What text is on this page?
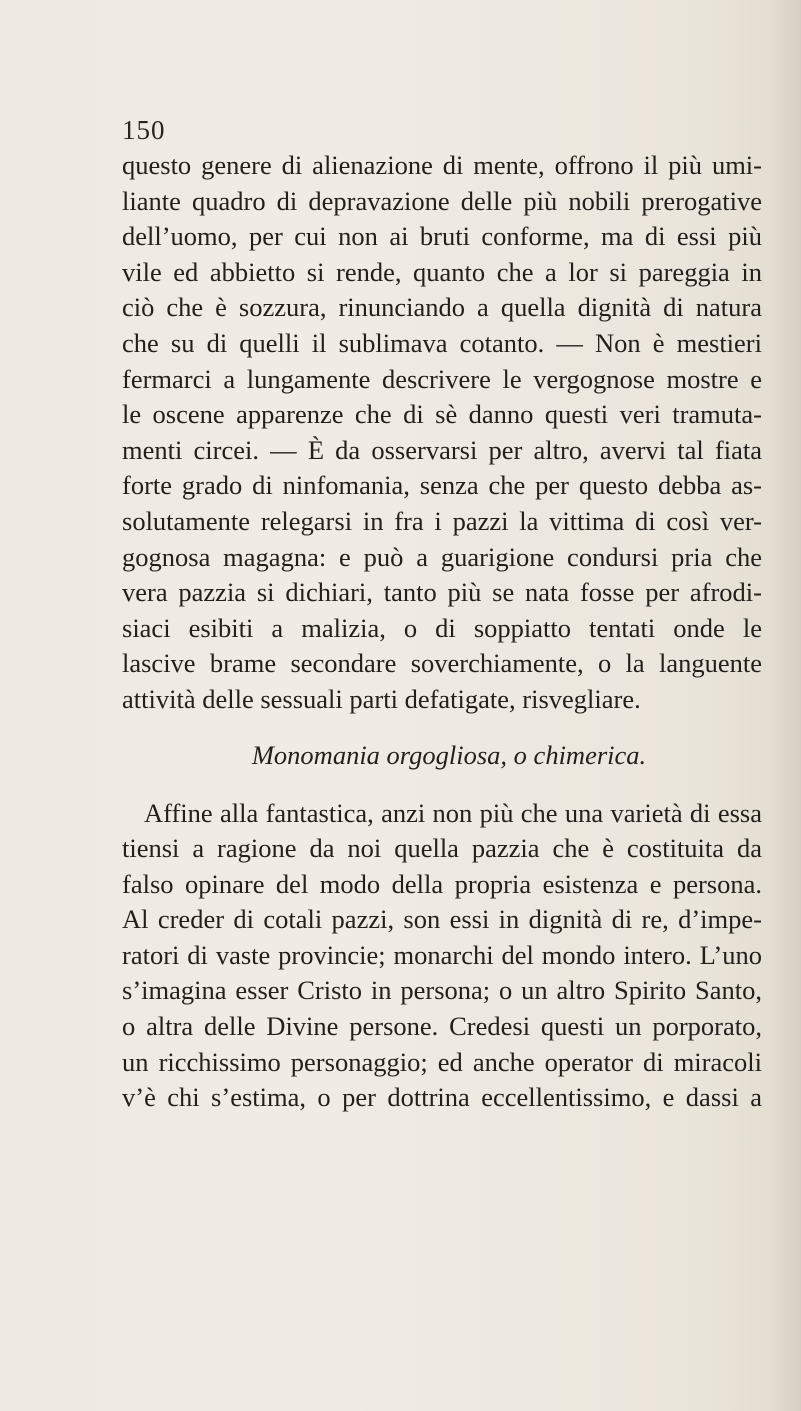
150
questo genere di alienazione di mente, offrono il più umi-
liante quadro di depravazione delle più nobili prerogative
dell’uomo, per cui non ai bruti conforme, ma di essi più
vile ed abbietto si rende, quanto che a lor si pareggia in
ciò che è sozzura, rinunciando a quella dignità di natura
che su di quelli il sublimava cotanto. — Non è mestieri
fermarci a lungamente descrivere le vergognose mostre e
le oscene apparenze che di sè danno questi veri tramuta-
menti circei. — È da osservarsi per altro, avervi tal fiata
forte grado di ninfomania, senza che per questo debba as-
solutamente relegarsi in fra i pazzi la vittima di così ver-
gognosa magagna: e può a guarigione condursi pria che
vera pazzia si dichiari, tanto più se nata fosse per afrodi-
siaci esibiti a malizia, o di soppiatto tentati onde le
lascive brame secondare soverchiamente, o la languente
attività delle sessuali parti defatigate, risvegliare.
Monomania orgogliosa, o chimerica.
Affine alla fantastica, anzi non più che una varietà di essa
tiensi a ragione da noi quella pazzia che è costituita da
falso opinare del modo della propria esistenza e persona.
Al creder di cotali pazzi, son essi in dignità di re, d’impe-
ratori di vaste provincie; monarchi del mondo intero. L’uno
s’imagina esser Cristo in persona; o un altro Spirito Santo,
o altra delle Divine persone. Credesi questi un porporato,
un ricchissimo personaggio; ed anche operator di miracoli
v’è chi s’estima, o per dottrina eccellentissimo, e dassi a
